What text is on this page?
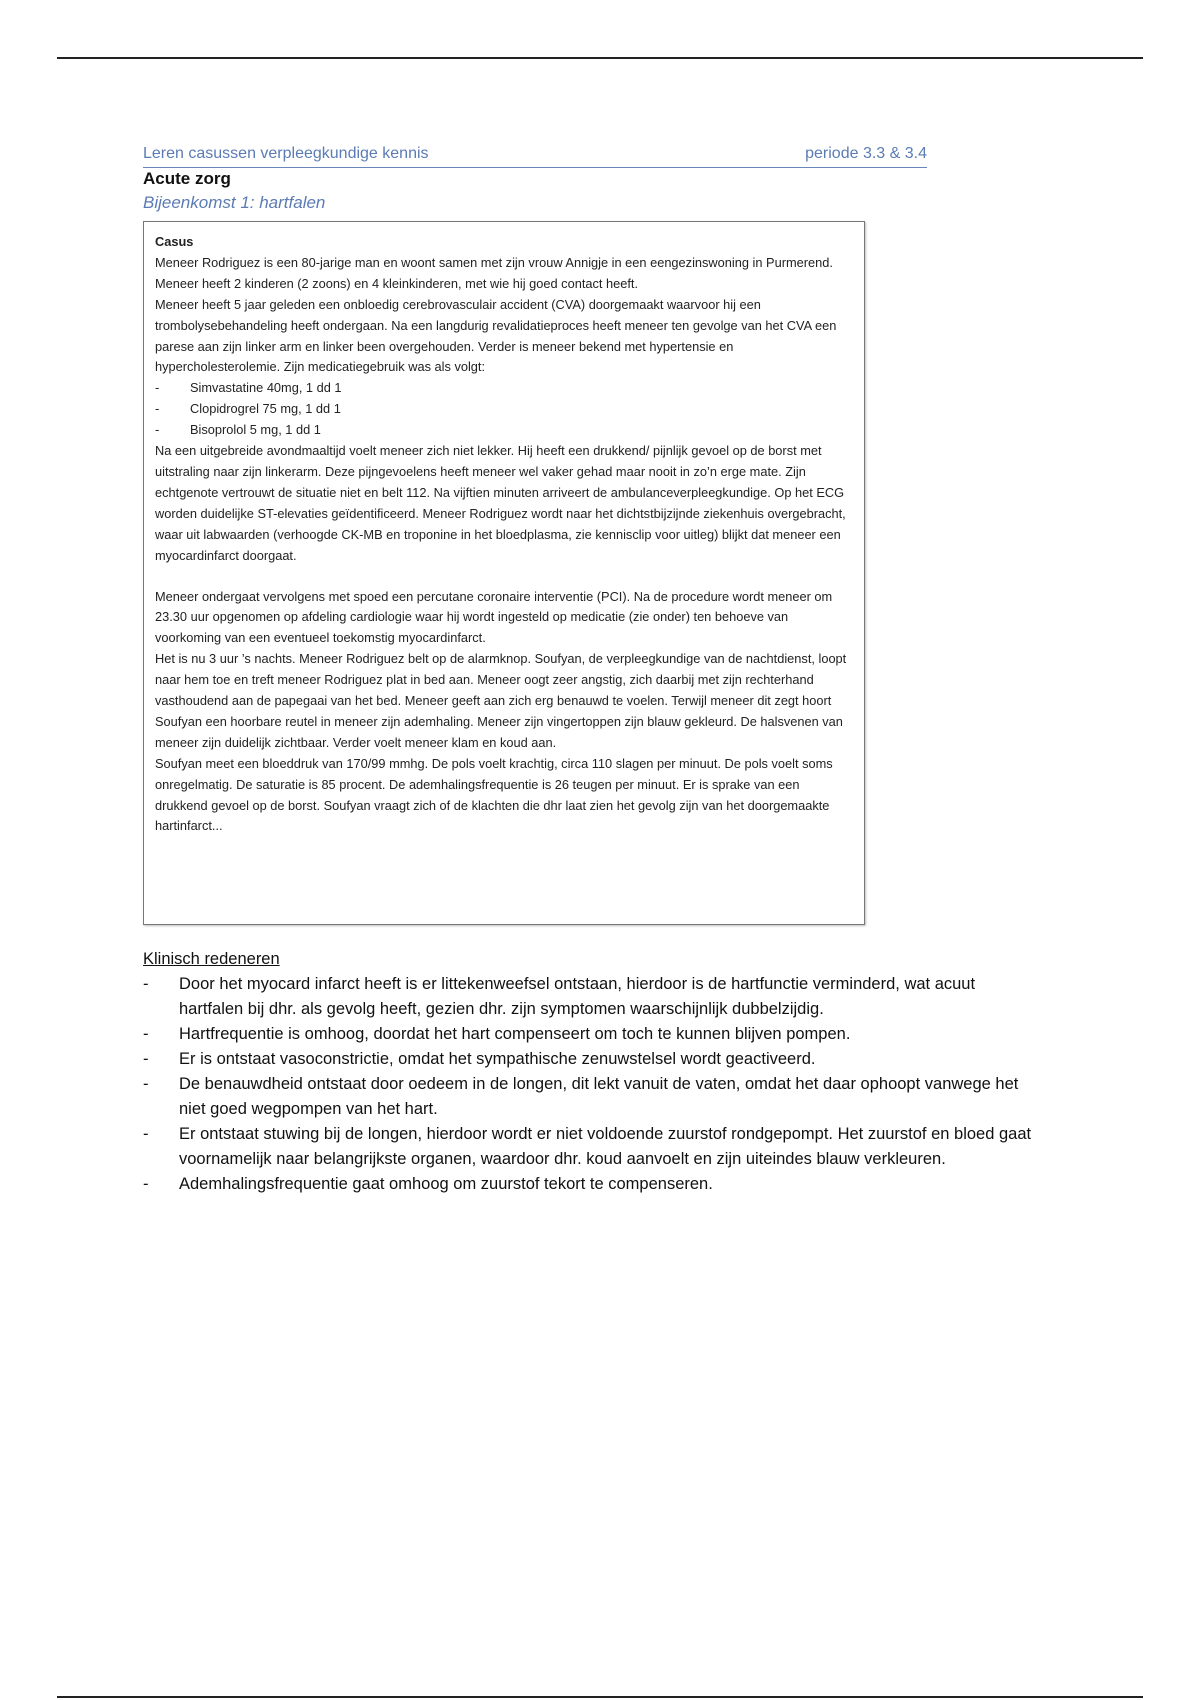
Leren casussen verpleegkundige kennis	periode 3.3 & 3.4
Acute zorg
Bijeenkomst 1: hartfalen

Casus

Meneer Rodriguez is een 80-jarige man en woont samen met zijn vrouw Annigje in een eengezinswoning in Purmerend. Meneer heeft 2 kinderen (2 zoons) en 4 kleinkinderen, met wie hij goed contact heeft.

Meneer heeft 5 jaar geleden een onbloedig cerebrovasculair accident (CVA) doorgemaakt waarvoor hij een trombolysebehandeling heeft ondergaan. Na een langdurig revalidatieproces heeft meneer ten gevolge van het CVA een parese aan zijn linker arm en linker been overgehouden. Verder is meneer bekend met hypertensie en hypercholesterolemie. Zijn medicatiegebruik was als volgt:

-	Simvastatine 40mg, 1 dd 1
-	Clopidrogrel 75 mg, 1 dd 1
-	Bisoprolol 5 mg, 1 dd 1

Na een uitgebreide avondmaaltijd voelt meneer zich niet lekker. Hij heeft een drukkend/ pijnlijk gevoel op de borst met uitstraling naar zijn linkerarm. Deze pijngevoelens heeft meneer wel vaker gehad maar nooit in zo’n erge mate. Zijn echtgenote vertrouwt de situatie niet en belt 112. Na vijftien minuten arriveert de ambulanceverpleegkundige. Op het ECG worden duidelijke ST-elevaties geïdentificeerd. Meneer Rodriguez wordt naar het dichtstbijzijnde ziekenhuis overgebracht, waar uit labwaarden (verhoogde CK-MB en troponine in het bloedplasma, zie kennisclip voor uitleg) blijkt dat meneer een myocardinfarct doorgaat.

Meneer ondergaat vervolgens met spoed een percutane coronaire interventie (PCI). Na de procedure wordt meneer om 23.30 uur opgenomen op afdeling cardiologie waar hij wordt ingesteld op medicatie (zie onder) ten behoeve van voorkoming van een eventueel toekomstig myocardinfarct.

Het is nu 3 uur ’s nachts. Meneer Rodriguez belt op de alarmknop. Soufyan, de verpleegkundige van de nachtdienst, loopt naar hem toe en treft meneer Rodriguez plat in bed aan. Meneer oogt zeer angstig, zich daarbij met zijn rechterhand vasthoudend aan de papegaai van het bed. Meneer geeft aan zich erg benauwd te voelen. Terwijl meneer dit zegt hoort Soufyan een hoorbare reutel in meneer zijn ademhaling. Meneer zijn vingertoppen zijn blauw gekleurd. De halsvenen van meneer zijn duidelijk zichtbaar. Verder voelt meneer klam en koud aan.

Soufyan meet een bloeddruk van 170/99 mmhg. De pols voelt krachtig, circa 110 slagen per minuut. De pols voelt soms onregelmatig. De saturatie is 85 procent. De ademhalingsfrequentie is 26 teugen per minuut. Er is sprake van een drukkend gevoel op de borst. Soufyan vraagt zich of de klachten die dhr laat zien het gevolg zijn van het doorgemaakte hartinfarct...

Klinisch redeneren
-	Door het myocard infarct heeft is er littekenweefsel ontstaan, hierdoor is de hartfunctie verminderd, wat acuut hartfalen bij dhr. als gevolg heeft, gezien dhr. zijn symptomen waarschijnlijk dubbelzijdig.
-	Hartfrequentie is omhoog, doordat het hart compenseert om toch te kunnen blijven pompen.
-	Er is ontstaat vasoconstrictie, omdat het sympathische zenuwstelsel wordt geactiveerd.
-	De benauwdheid ontstaat door oedeem in de longen, dit lekt vanuit de vaten, omdat het daar ophoopt vanwege het niet goed wegpompen van het hart.
-	Er ontstaat stuwing bij de longen, hierdoor wordt er niet voldoende zuurstof rondgepompt. Het zuurstof en bloed gaat voornamelijk naar belangrijkste organen, waardoor dhr. koud aanvoelt en zijn uiteindes blauw verkleuren.
-	Ademhalingsfrequentie gaat omhoog om zuurstof tekort te compenseren.
